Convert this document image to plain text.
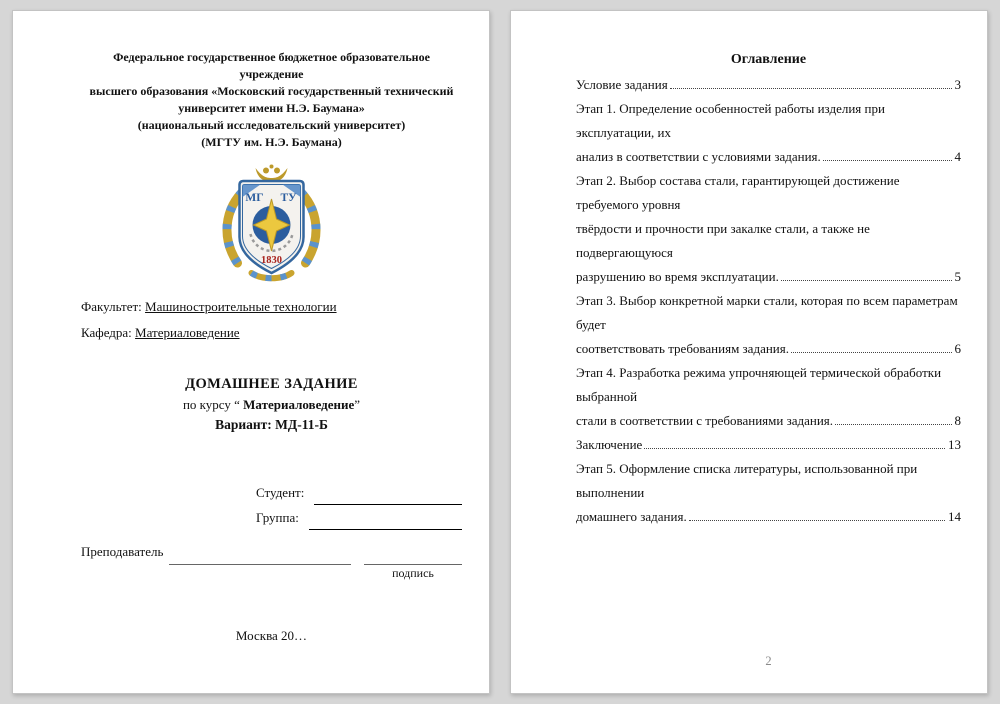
Федеральное государственное бюджетное образовательное учреждение
высшего образования «Московский государственный технический
университет имени Н.Э. Баумана»
(национальный исследовательский университет)
(МГТУ им. Н.Э. Баумана)
МГ ТУ
1830
Факультет: Машиностроительные технологии
Кафедра: Материаловедение
ДОМАШНЕЕ ЗАДАНИЕ
по курсу “ Материаловедение”
Вариант: МД-11-Б
Студент:
Группа:
Преподаватель
подпись
Москва 20…
Оглавление
Условие задания	3
Этап 1. Определение особенностей работы изделия при эксплуатации, их
анализ в соответствии с условиями задания.	4
Этап 2. Выбор состава стали, гарантирующей достижение требуемого уровня
твёрдости и прочности при закалке стали, а также не подвергающуюся
разрушению во время эксплуатации.	5
Этап 3. Выбор конкретной марки стали, которая по всем параметрам будет
соответствовать требованиям задания.	6
Этап 4. Разработка режима упрочняющей термической обработки выбранной
стали в соответствии с требованиями задания.	8
Заключение	13
Этап 5. Оформление списка литературы, использованной при выполнении
домашнего задания.	14
2
